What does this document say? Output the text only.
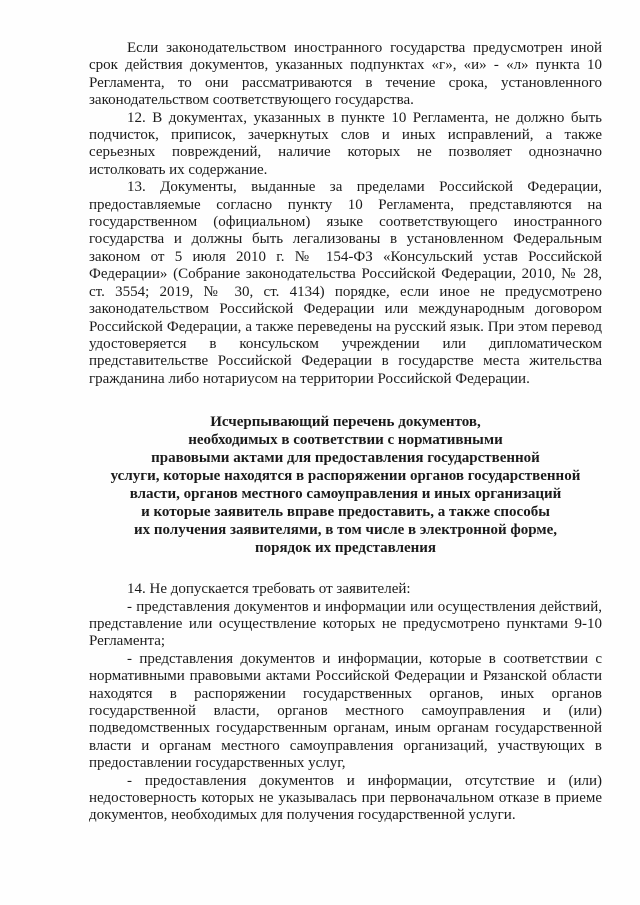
Если законодательством иностранного государства предусмотрен иной срок действия документов, указанных подпунктах «г», «и» - «л» пункта 10 Регламента, то они рассматриваются в течение срока, установленного законодательством соответствующего государства.

12. В документах, указанных в пункте 10 Регламента, не должно быть подчисток, приписок, зачеркнутых слов и иных исправлений, а также серьезных повреждений, наличие которых не позволяет однозначно истолковать их содержание.

13. Документы, выданные за пределами Российской Федерации, предоставляемые согласно пункту 10 Регламента, представляются на государственном (официальном) языке соответствующего иностранного государства и должны быть легализованы в установленном Федеральным законом от 5 июля 2010 г. № 154-ФЗ «Консульский устав Российской Федерации» (Собрание законодательства Российской Федерации, 2010, № 28, ст. 3554; 2019, № 30, ст. 4134) порядке, если иное не предусмотрено законодательством Российской Федерации или международным договором Российской Федерации, а также переведены на русский язык. При этом перевод удостоверяется в консульском учреждении или дипломатическом представительстве Российской Федерации в государстве места жительства гражданина либо нотариусом на территории Российской Федерации.

Исчерпывающий перечень документов,
необходимых в соответствии с нормативными
правовыми актами для предоставления государственной
услуги, которые находятся в распоряжении органов государственной
власти, органов местного самоуправления и иных организаций
и которые заявитель вправе предоставить, а также способы
их получения заявителями, в том числе в электронной форме,
порядок их представления

14. Не допускается требовать от заявителей:

- представления документов и информации или осуществления действий, представление или осуществление которых не предусмотрено пунктами 9-10 Регламента;

- представления документов и информации, которые в соответствии с нормативными правовыми актами Российской Федерации и Рязанской области находятся в распоряжении государственных органов, иных органов государственной власти, органов местного самоуправления и (или) подведомственных государственным органам, иным органам государственной власти и органам местного самоуправления организаций, участвующих в предоставлении государственных услуг,

- предоставления документов и информации, отсутствие и (или) недостоверность которых не указывалась при первоначальном отказе в приеме документов, необходимых для получения государственной услуги.
